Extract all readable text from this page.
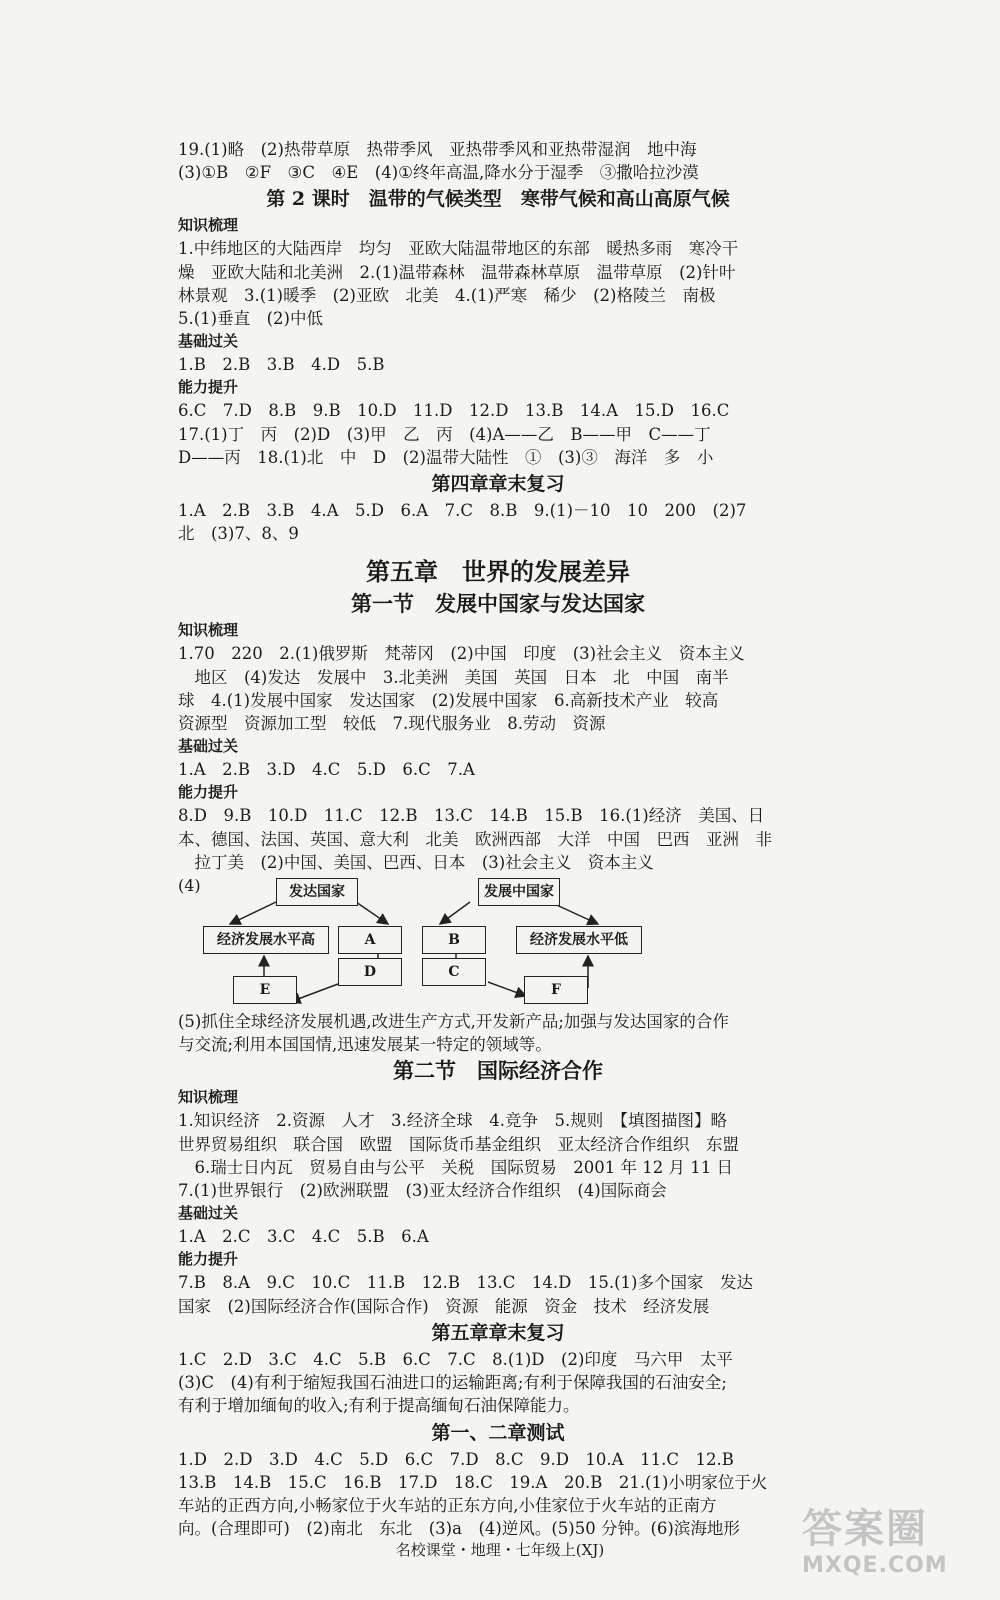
19.(1)略　(2)热带草原　热带季风　亚热带季风和亚热带湿润　地中海
(3)①B　②F　③C　④E　(4)①终年高温,降水分于湿季　③撒哈拉沙漠
第 2 课时　温带的气候类型　寒带气候和高山高原气候
知识梳理
1.中纬地区的大陆西岸　均匀　亚欧大陆温带地区的东部　暖热多雨　寒冷干
燥　亚欧大陆和北美洲　2.(1)温带森林　温带森林草原　温带草原　(2)针叶
林景观　3.(1)暖季　(2)亚欧　北美　4.(1)严寒　稀少　(2)格陵兰　南极
5.(1)垂直　(2)中低
基础过关
1.B　2.B　3.B　4.D　5.B
能力提升
6.C　7.D　8.B　9.B　10.D　11.D　12.D　13.B　14.A　15.D　16.C
17.(1)丁　丙　(2)D　(3)甲　乙　丙　(4)A——乙　B——甲　C——丁
D——丙　18.(1)北　中　D　(2)温带大陆性　①　(3)③　海洋　多　小
第四章章末复习
1.A　2.B　3.B　4.A　5.D　6.A　7.C　8.B　9.(1)－10　10　200　(2)7
北　(3)7、8、9
第五章　世界的发展差异
第一节　发展中国家与发达国家
知识梳理
1.70　220　2.(1)俄罗斯　梵蒂冈　(2)中国　印度　(3)社会主义　资本主义
　地区　(4)发达　发展中　3.北美洲　美国　英国　日本　北　中国　南半
球　4.(1)发展中国家　发达国家　(2)发展中国家　6.高新技术产业　较高
资源型　资源加工型　较低　7.现代服务业　8.劳动　资源
基础过关
1.A　2.B　3.D　4.C　5.D　6.C　7.A
能力提升
8.D　9.B　10.D　11.C　12.B　13.C　14.B　15.B　16.(1)经济　美国、日
本、德国、法国、英国、意大利　北美　欧洲西部　大洋　中国　巴西　亚洲　非
　拉丁美　(2)中国、美国、巴西、日本　(3)社会主义　资本主义
(4)	发达国家
经济发展水平高	A
D
E
发展中国家
B	经济发展水平低
C
F
(5)抓住全球经济发展机遇,改进生产方式,开发新产品;加强与发达国家的合作
与交流;利用本国国情,迅速发展某一特定的领域等。
第二节　国际经济合作
知识梳理
1.知识经济　2.资源　人才　3.经济全球　4.竞争　5.规则　【填图描图】略
世界贸易组织　联合国　欧盟　国际货币基金组织　亚太经济合作组织　东盟
　6.瑞士日内瓦　贸易自由与公平　关税　国际贸易　2001 年 12 月 11 日
7.(1)世界银行　(2)欧洲联盟　(3)亚太经济合作组织　(4)国际商会
基础过关
1.A　2.C　3.C　4.C　5.B　6.A
能力提升
7.B　8.A　9.C　10.C　11.B　12.B　13.C　14.D　15.(1)多个国家　发达
国家　(2)国际经济合作(国际合作)　资源　能源　资金　技术　经济发展
第五章章末复习
1.C　2.D　3.C　4.C　5.B　6.C　7.C　8.(1)D　(2)印度　马六甲　太平
(3)C　(4)有利于缩短我国石油进口的运输距离;有利于保障我国的石油安全;
有利于增加缅甸的收入;有利于提高缅甸石油保障能力。
第一、二章测试
1.D　2.D　3.D　4.C　5.D　6.C　7.D　8.C　9.D　10.A　11.C　12.B
13.B　14.B　15.C　16.B　17.D　18.C　19.A　20.B　21.(1)小明家位于火
车站的正西方向,小畅家位于火车站的正东方向,小佳家位于火车站的正南方
向。(合理即可)　(2)南北　东北　(3)a　(4)逆风。(5)50 分钟。(6)滨海地形
名校课堂・地理・七年级上(XJ)	答案圈
MXQE.COM
